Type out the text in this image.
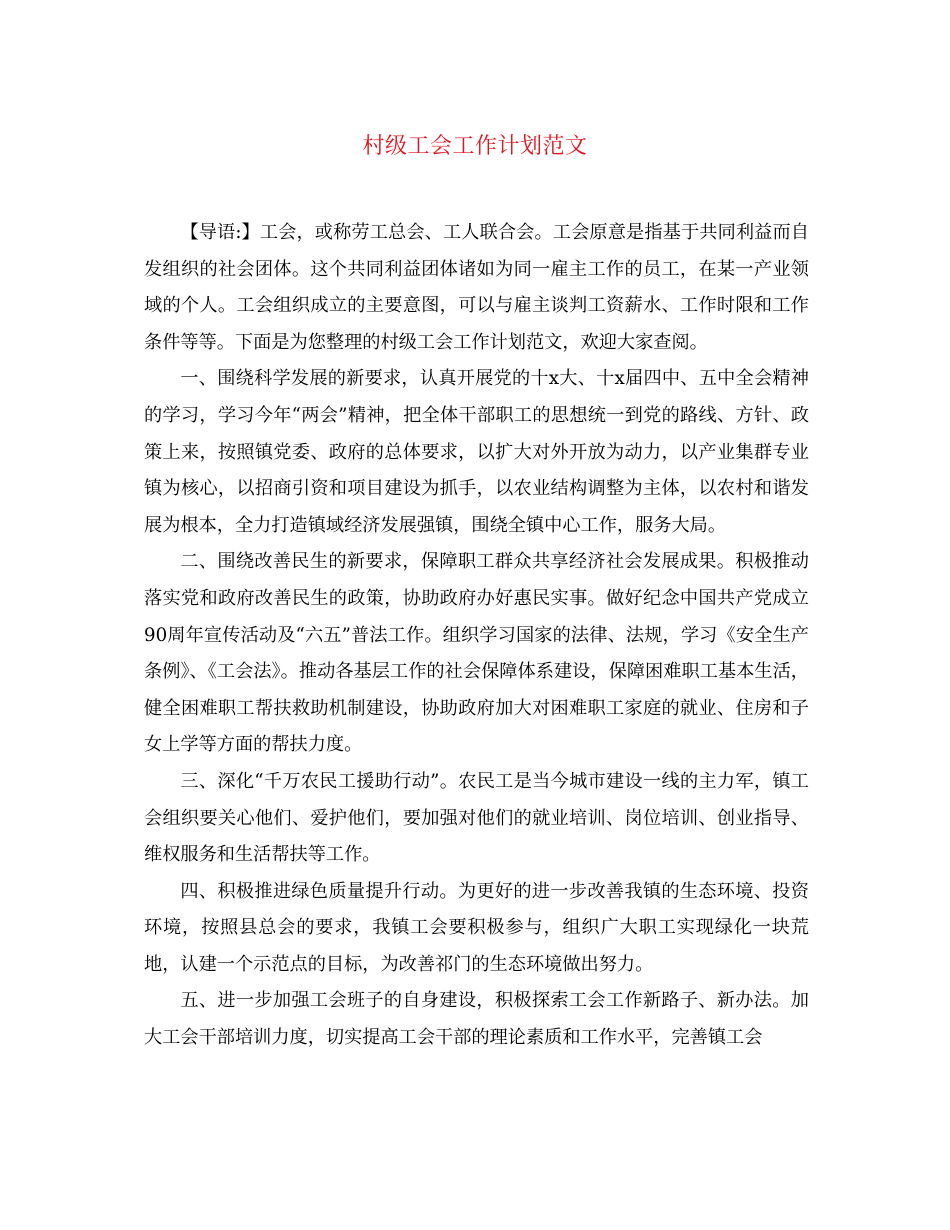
村级工会工作计划范文

【导语:】工会，或称劳工总会、工人联合会。工会原意是指基于共同利益而自发组织的社会团体。这个共同利益团体诸如为同一雇主工作的员工，在某一产业领域的个人。工会组织成立的主要意图，可以与雇主谈判工资薪水、工作时限和工作条件等等。下面是为您整理的村级工会工作计划范文，欢迎大家查阅。

一、围绕科学发展的新要求，认真开展党的十x大、十x届四中、五中全会精神的学习，学习今年“两会”精神，把全体干部职工的思想统一到党的路线、方针、政策上来，按照镇党委、政府的总体要求，以扩大对外开放为动力，以产业集群专业镇为核心，以招商引资和项目建设为抓手，以农业结构调整为主体，以农村和谐发展为根本，全力打造镇域经济发展强镇，围绕全镇中心工作，服务大局。

二、围绕改善民生的新要求，保障职工群众共享经济社会发展成果。积极推动落实党和政府改善民生的政策，协助政府办好惠民实事。做好纪念中国共产党成立90周年宣传活动及“六五”普法工作。组织学习国家的法律、法规，学习《安全生产条例》、《工会法》。推动各基层工作的社会保障体系建设，保障困难职工基本生活，健全困难职工帮扶救助机制建设，协助政府加大对困难职工家庭的就业、住房和子女上学等方面的帮扶力度。

三、深化“千万农民工援助行动”。农民工是当今城市建设一线的主力军，镇工会组织要关心他们、爱护他们，要加强对他们的就业培训、岗位培训、创业指导、维权服务和生活帮扶等工作。

四、积极推进绿色质量提升行动。为更好的进一步改善我镇的生态环境、投资环境，按照县总会的要求，我镇工会要积极参与，组织广大职工实现绿化一块荒地，认建一个示范点的目标，为改善祁门的生态环境做出努力。

五、进一步加强工会班子的自身建设，积极探索工会工作新路子、新办法。加大工会干部培训力度，切实提高工会干部的理论素质和工作水平，完善镇工会
